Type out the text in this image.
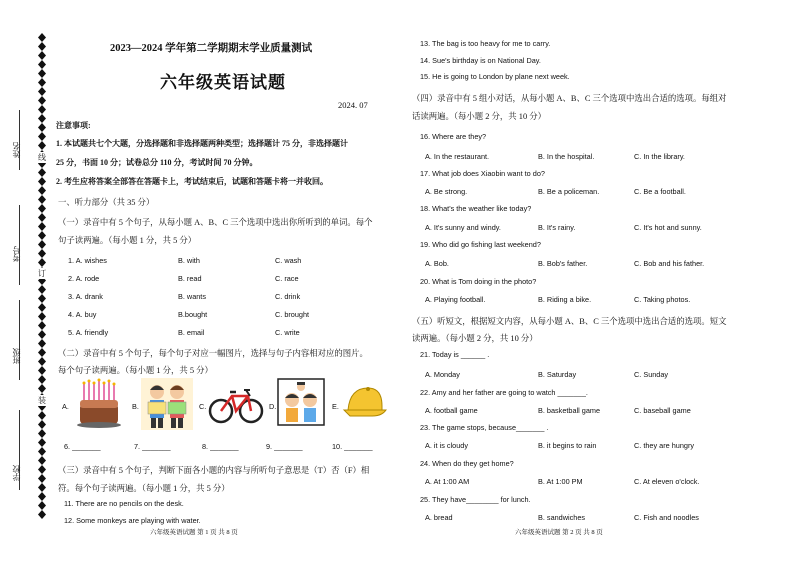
姓名
考号
班级
学校
线
订
装
2023—2024 学年第二学期期末学业质量测试
六年级英语试题
2024. 07
注意事项:
1. 本试题共七个大题，分选择题和非选择题两种类型；选择题计 75 分，非选择题计
25 分，书面 10 分；试卷总分 110 分，考试时间 70 分钟。
2. 考生应将答案全部答在答题卡上，考试结束后，试题和答题卡将一并收回。
一、听力部分（共 35 分）
（一）录音中有 5 个句子，从每小题 A、B、C 三个选项中选出你所听到的单词。每个
句子读两遍。（每小题 1 分，共 5 分）
1. A. wishes	B. with	C. wash
2. A. rode	B. read	C. race
3. A. drank	B. wants	C. drink
4. A. buy	B.bought	C. brought
5. A. friendly	B. email	C. write
（二）录音中有 5 个句子，每个句子对应一幅图片，选择与句子内容相对应的图片。
每个句子读两遍。（每小题 1 分，共 5 分）
A.	B.	C.	D.	E.
6. _______	7. _______	8. _______	9. _______	10. _______
（三）录音中有 5 个句子，判断下面各小题的内容与所听句子意思是（T）否（F）相
符。每个句子读两遍。（每小题 1 分，共 5 分）
11. There are no pencils on the desk.
12. Some monkeys are playing with water.
六年级英语试题 第 1 页 共 8 页
13. The bag is too heavy for me to carry.
14. Sue's birthday is on National Day.
15. He is going to London by plane next week.
（四）录音中有 5 组小对话，从每小题 A、B、C 三个选项中选出合适的选项。每组对
话读两遍。（每小题 2 分，共 10 分）
16. Where are they?
A. In the restaurant.	B. In the hospital.	C. In the library.
17. What job does Xiaobin want to do?
A. Be strong.	B. Be a policeman.	C. Be a football.
18. What's the weather like today?
A. It's sunny and windy.	B. It's rainy.	C. It's hot and sunny.
19. Who did go fishing last weekend?
A. Bob.	B. Bob's father.	C. Bob and his father.
20. What is Tom doing in the photo?
A. Playing football.	B. Riding a bike.	C. Taking photos.
（五）听短文，根据短文内容，从每小题 A、B、C 三个选项中选出合适的选项。短文
读两遍。（每小题 2 分，共 10 分）
21. Today is ______ .
A. Monday	B. Saturday	C. Sunday
22. Amy and her father are going to watch _______.
A. football game	B. basketball game	C. baseball game
23. The game stops, because_______ .
A. it is cloudy	B. it begins to rain	C. they are hungry
24. When do they get home?
A. At 1:00 AM	B. At 1:00 PM	C. At eleven o'clock.
25. They have________ for lunch.
A. bread	B. sandwiches	C. Fish and noodles
六年级英语试题 第 2 页 共 8 页
